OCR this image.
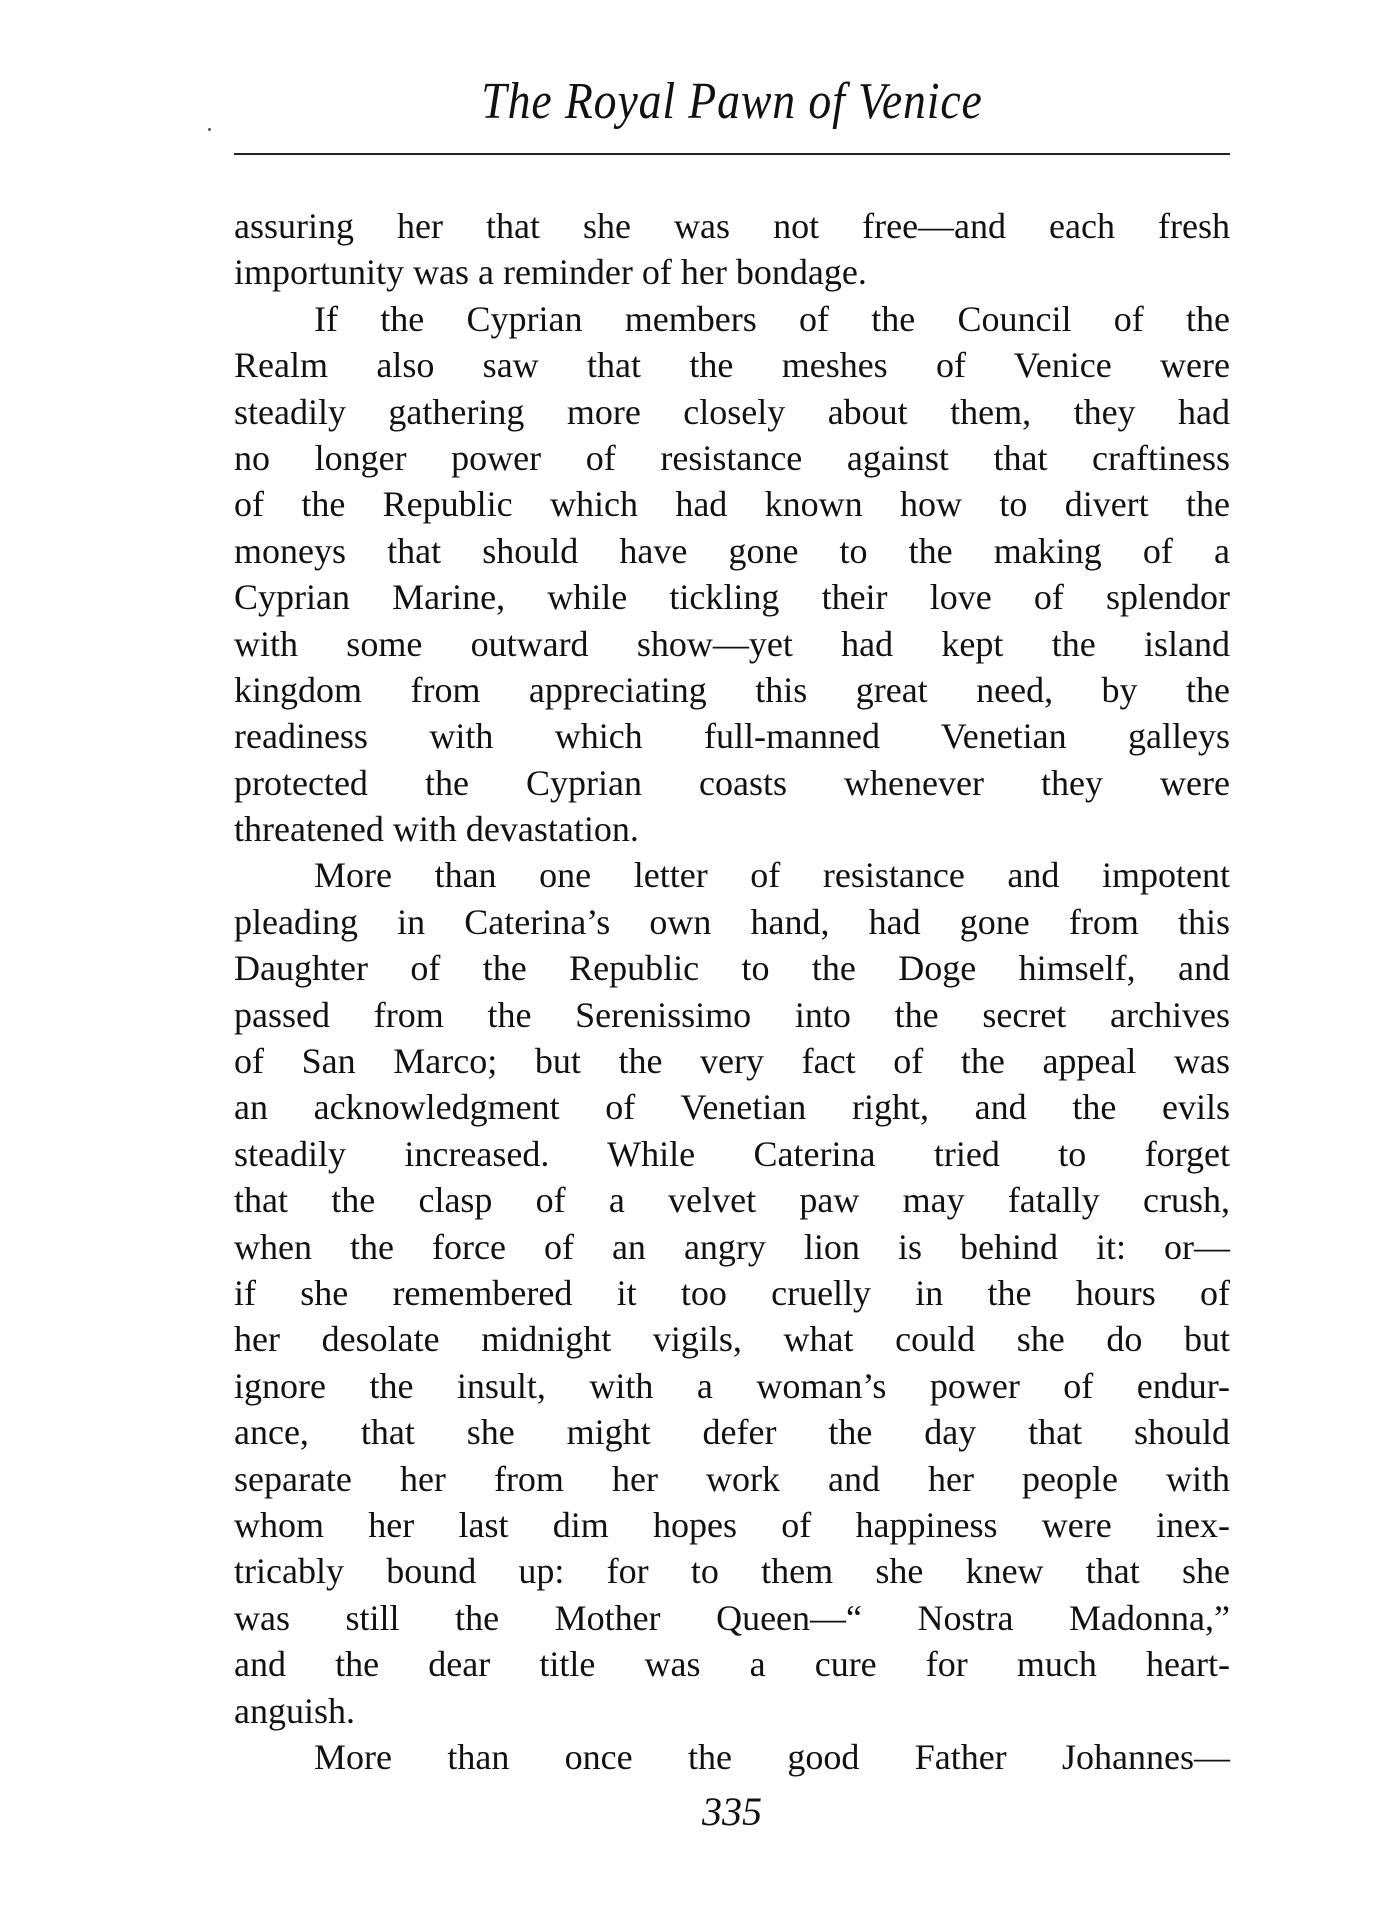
The Royal Pawn of Venice
assuring her that she was not free—and each fresh
importunity was a reminder of her bondage.
If the Cyprian members of the Council of the
Realm also saw that the meshes of Venice were
steadily gathering more closely about them, they had
no longer power of resistance against that craftiness
of the Republic which had known how to divert the
moneys that should have gone to the making of a
Cyprian Marine, while tickling their love of splendor
with some outward show—yet had kept the island
kingdom from appreciating this great need, by the
readiness with which full-manned Venetian galleys
protected the Cyprian coasts whenever they were
threatened with devastation.
More than one letter of resistance and impotent
pleading in Caterina’s own hand, had gone from this
Daughter of the Republic to the Doge himself, and
passed from the Serenissimo into the secret archives
of San Marco; but the very fact of the appeal was
an acknowledgment of Venetian right, and the evils
steadily increased. While Caterina tried to forget
that the clasp of a velvet paw may fatally crush,
when the force of an angry lion is behind it: or—
if she remembered it too cruelly in the hours of
her desolate midnight vigils, what could she do but
ignore the insult, with a woman’s power of endur-
ance, that she might defer the day that should
separate her from her work and her people with
whom her last dim hopes of happiness were inex-
tricably bound up: for to them she knew that she
was still the Mother Queen—“ Nostra Madonna,”
and the dear title was a cure for much heart-
anguish.
More than once the good Father Johannes—
335
